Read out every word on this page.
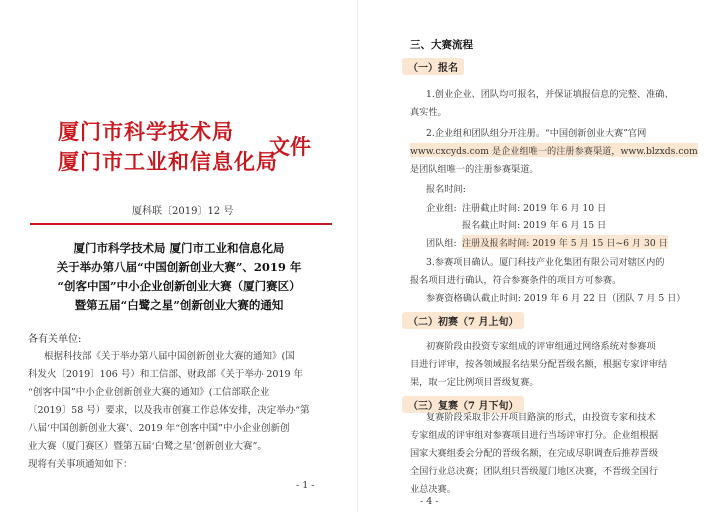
厦门市科学技术局
厦门市工业和信息化局
文件
厦科联〔2019〕12 号
厦门市科学技术局 厦门市工业和信息化局
关于举办第八届“中国创新创业大赛”、2019 年
“创客中国”中小企业创新创业大赛（厦门赛区）
暨第五届“白鹭之星”创新创业大赛的通知
各有关单位:
根据科技部《关于举办第八届中国创新创业大赛的通知》(国
科发火〔2019〕106 号）和工信部、财政部《关于举办 2019 年
“创客中国”中小企业创新创业大赛的通知》(工信部联企业
〔2019〕58 号）要求，以及我市创赛工作总体安排，决定举办“第
八届‘中国创新创业大赛’、2019 年“创客中国”中小企业创新创
业大赛（厦门赛区）暨第五届‘白鹭之星’创新创业大赛”。
现将有关事项通知如下：
- 1 -
三、大赛流程
（一）报名
1.创业企业、团队均可报名，并保证填报信息的完整、准确、
真实性。
2.企业组和团队组分开注册。“中国创新创业大赛”官网
www.cxcyds.com 是企业组唯一的注册参赛渠道，www.blzxds.com
是团队组唯一的注册参赛渠道。
报名时间:
企业组: 注册截止时间: 2019 年 6 月 10 日
报名截止时间: 2019 年 6 月 15 日
团队组: 注册及报名时间: 2019 年 5 月 15 日~6 月 30 日
3.参赛项目确认。厦门科技产业化集团有限公司对辖区内的
报名项目进行确认，符合参赛条件的项目方可参赛。
参赛资格确认截止时间: 2019 年 6 月 22 日（团队 7 月 5 日）
（二）初赛（7 月上旬）
初赛阶段由投资专家组成的评审组通过网络系统对参赛项
目进行评审，按各领域报名结果分配晋级名额，根据专家评审结
果，取一定比例项目晋级复赛。
（三）复赛（7 月下旬）
复赛阶段采取非公开项目路演的形式，由投资专家和技术
专家组成的评审组对参赛项目进行当场评审打分。企业组根据
国家大赛组委会分配的晋级名额，在完成尽职调查后推荐晋级
全国行业总决赛；团队组只晋级厦门地区决赛，不晋级全国行
业总决赛。
- 4 -
